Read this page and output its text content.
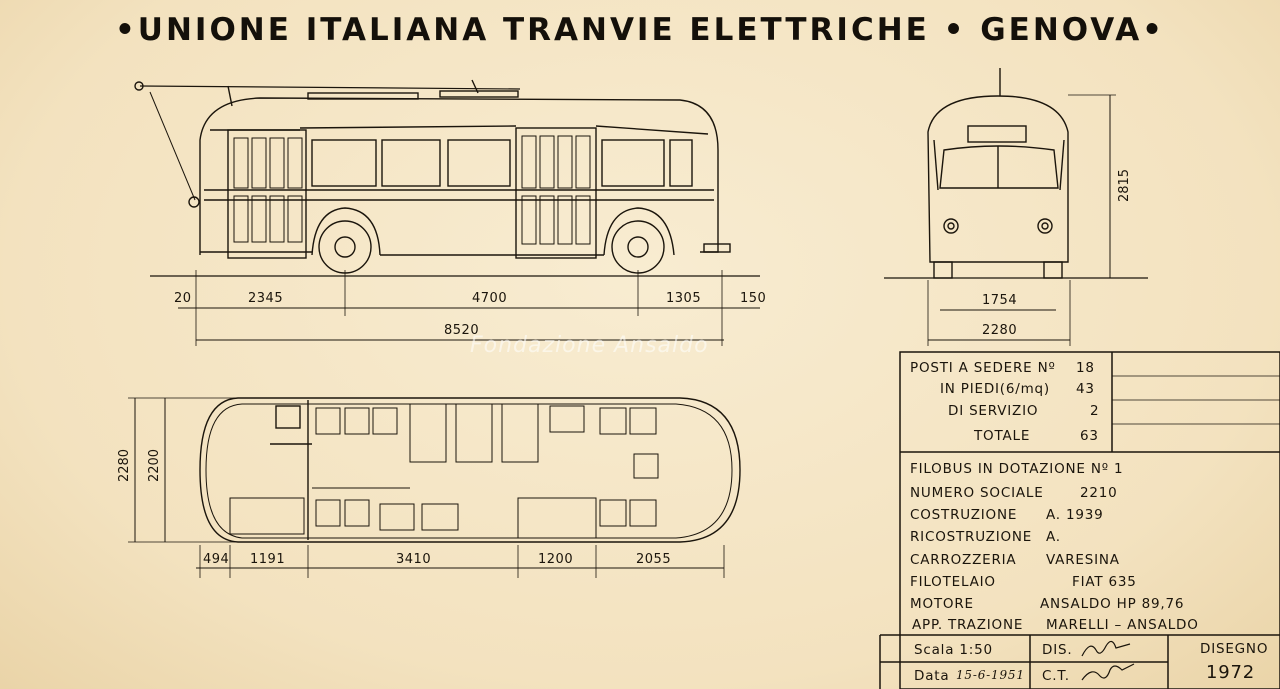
•UNIONE ITALIANA TRANVIE ELETTRICHE • GENOVA•
Fondazione Ansaldo
20	2345	4700	1305	150
8520
2815
1754
2280
2280 2200
494 1191	3410	1200	2055
POSTI A SEDERE Nº 18
IN PIEDI(6/mq) 43
DI SERVIZIO	2
TOTALE	63
FILOBUS IN DOTAZIONE Nº 1
NUMERO SOCIALE	2210
COSTRUZIONE A. 1939
RICOSTRUZIONE A.
CARROZZERIA VARESINA
FILOTELAIO	FIAT 635
MOTORE	ANSALDO HP 89,76
APP. TRAZIONE MARELLI – ANSALDO
Scala 1:50
Data 15-6-1951
DIS.
C.T.
DISEGNO
1972
